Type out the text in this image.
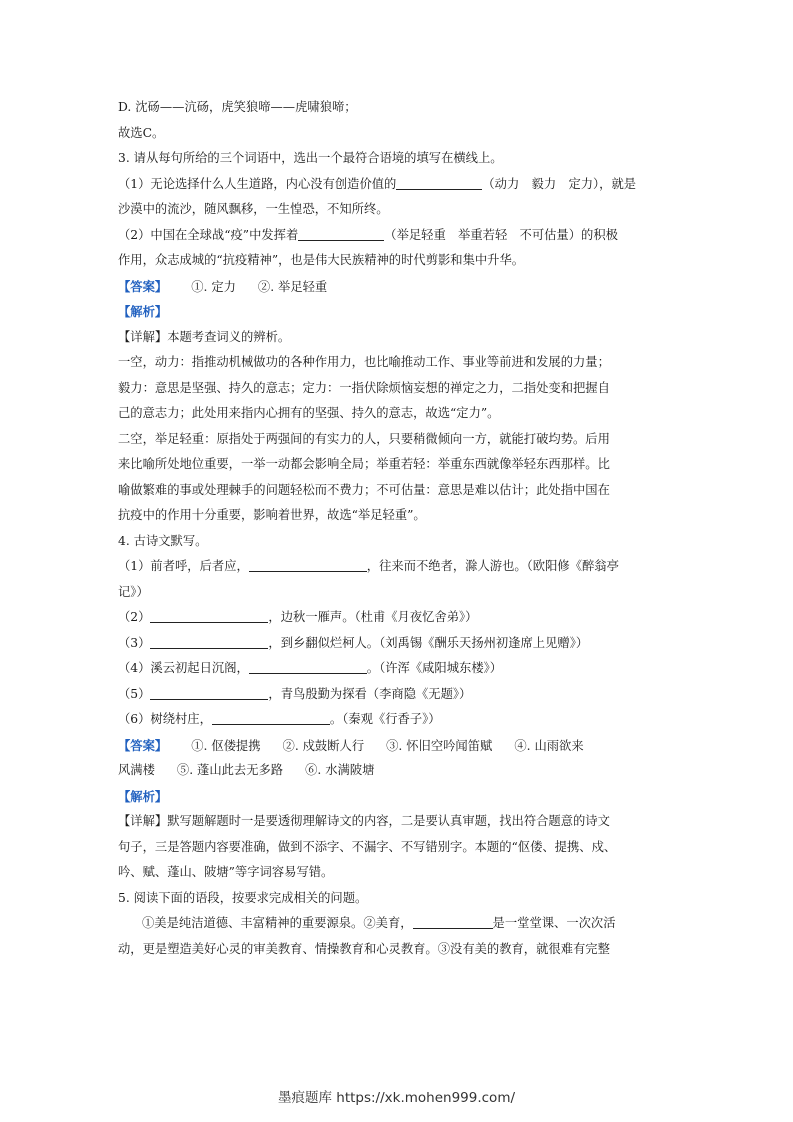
D. 沈砀——沆砀，虎笑狼啼——虎啸狼啼；
故选C。
3. 请从每句所给的三个词语中，选出一个最符合语境的填写在横线上。
（1）无论选择什么人生道路，内心没有创造价值的	（动力　毅力　定力），就是
沙漠中的流沙，随风飘移，一生惶恐，不知所终。
（2）中国在全球战“疫”中发挥着	（举足轻重　举重若轻　不可估量）的积极
作用，众志成城的“抗疫精神”，也是伟大民族精神的时代剪影和集中升华。
【答案】 ①. 定力 ②. 举足轻重
【解析】
【详解】本题考查词义的辨析。
一空，动力：指推动机械做功的各种作用力，也比喻推动工作、事业等前进和发展的力量；
毅力：意思是坚强、持久的意志；定力：一指伏除烦恼妄想的禅定之力，二指处变和把握自
己的意志力；此处用来指内心拥有的坚强、持久的意志，故选“定力”。
二空，举足轻重：原指处于两强间的有实力的人，只要稍微倾向一方，就能打破均势。后用
来比喻所处地位重要，一举一动都会影响全局；举重若轻：举重东西就像举轻东西那样。比
喻做繁难的事或处理棘手的问题轻松而不费力；不可估量：意思是难以估计；此处指中国在
抗疫中的作用十分重要，影响着世界，故选“举足轻重”。
4. 古诗文默写。
（1）前者呼，后者应，	，往来而不绝者，滁人游也。（欧阳修《醉翁亭
记》）
（2）	，边秋一雁声。（杜甫《月夜忆舍弟》）
（3）	，到乡翻似烂柯人。（刘禹锡《酬乐天扬州初逢席上见赠》）
（4）溪云初起日沉阁，	。（许浑《咸阳城东楼》）
（5）	，青鸟殷勤为探看（李商隐《无题》）
（6）树绕村庄，	。（秦观《行香子》）
【答案】 ①. 伛偻提携 ②. 戍鼓断人行 ③. 怀旧空吟闻笛赋 ④. 山雨欲来
风满楼 ⑤. 蓬山此去无多路 ⑥. 水满陂塘
【解析】
【详解】默写题解题时一是要透彻理解诗文的内容，二是要认真审题，找出符合题意的诗文
句子，三是答题内容要准确，做到不添字、不漏字、不写错别字。本题的“伛偻、提携、戍、
吟、赋、蓬山、陂塘”等字词容易写错。
5. 阅读下面的语段，按要求完成相关的问题。
①美是纯洁道德、丰富精神的重要源泉。②美育，	是一堂堂课、一次次活
动，更是塑造美好心灵的审美教育、情操教育和心灵教育。③没有美的教育，就很难有完整
墨痕题库 https://xk.mohen999.com/
